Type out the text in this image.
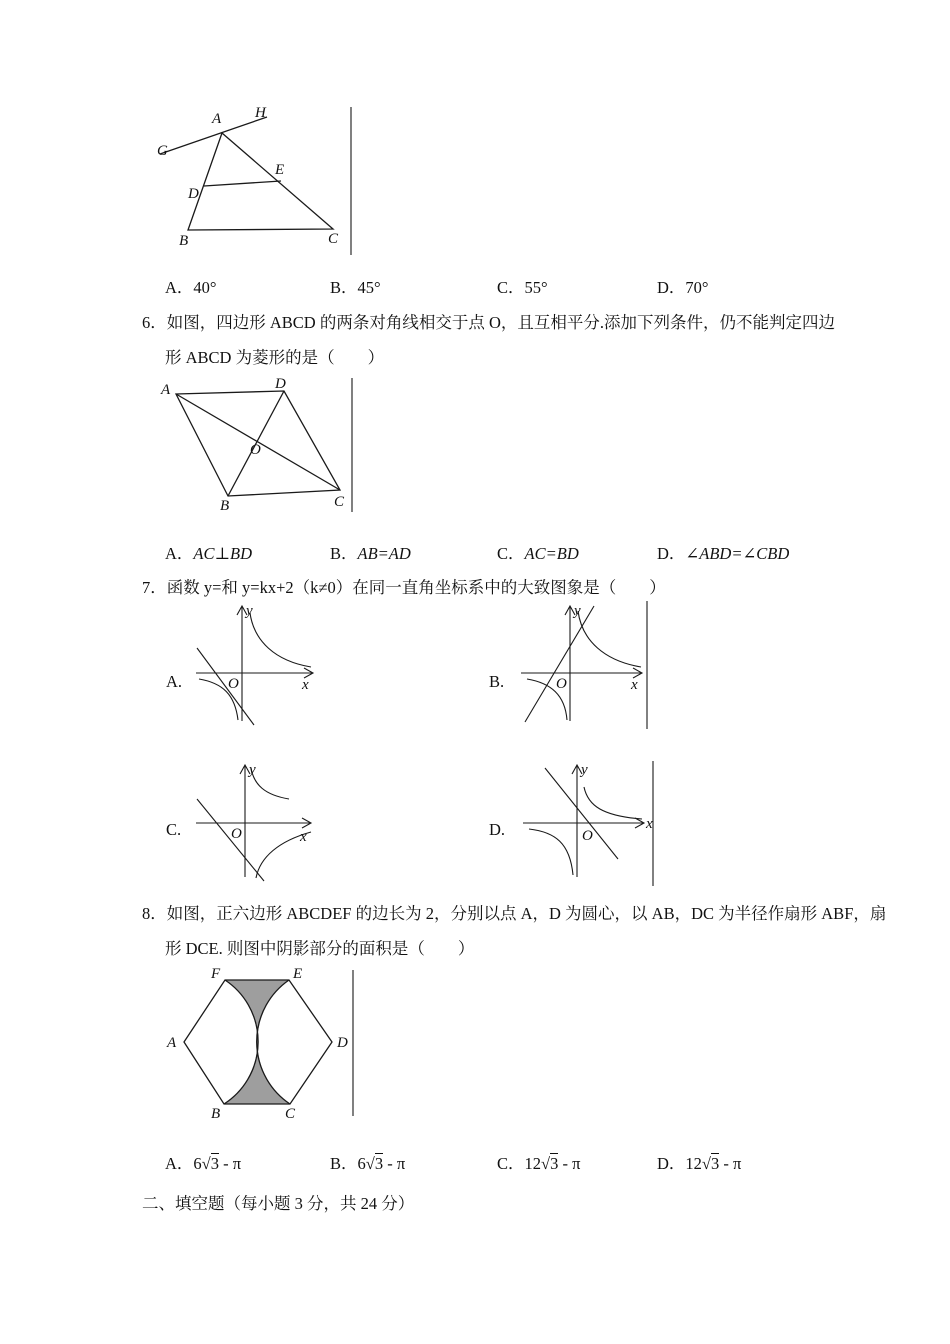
G
A H
D
E
B	C
A．40°	B．45°	C．55°	D．70°
6．如图，四边形 ABCD 的两条对角线相交于点 O，且互相平分.添加下列条件，仍不能判定四边
形 ABCD 为菱形的是（　　）
A	D
O
B	C
A．AC⊥BD	B．AB=AD	C．AC=BD	D．∠ABD=∠CBD
7．函数 y=和 y=kx+2（k≠0）在同一直角坐标系中的大致图象是（　　）
A.
y
x
O	B.
y
x
O
C.
y
x
O	D.
y
x
O
8．如图，正六边形 ABCDEF 的边长为 2，分别以点 A，D 为圆心，以 AB，DC 为半径作扇形 ABF，扇
形 DCE. 则图中阴影部分的面积是（　　）
F	E
A	D
B	C
A．6√3 - π	B．6√3 - π	C．12√3 - π	D．12√3 - π
二、填空题（每小题 3 分，共 24 分）
